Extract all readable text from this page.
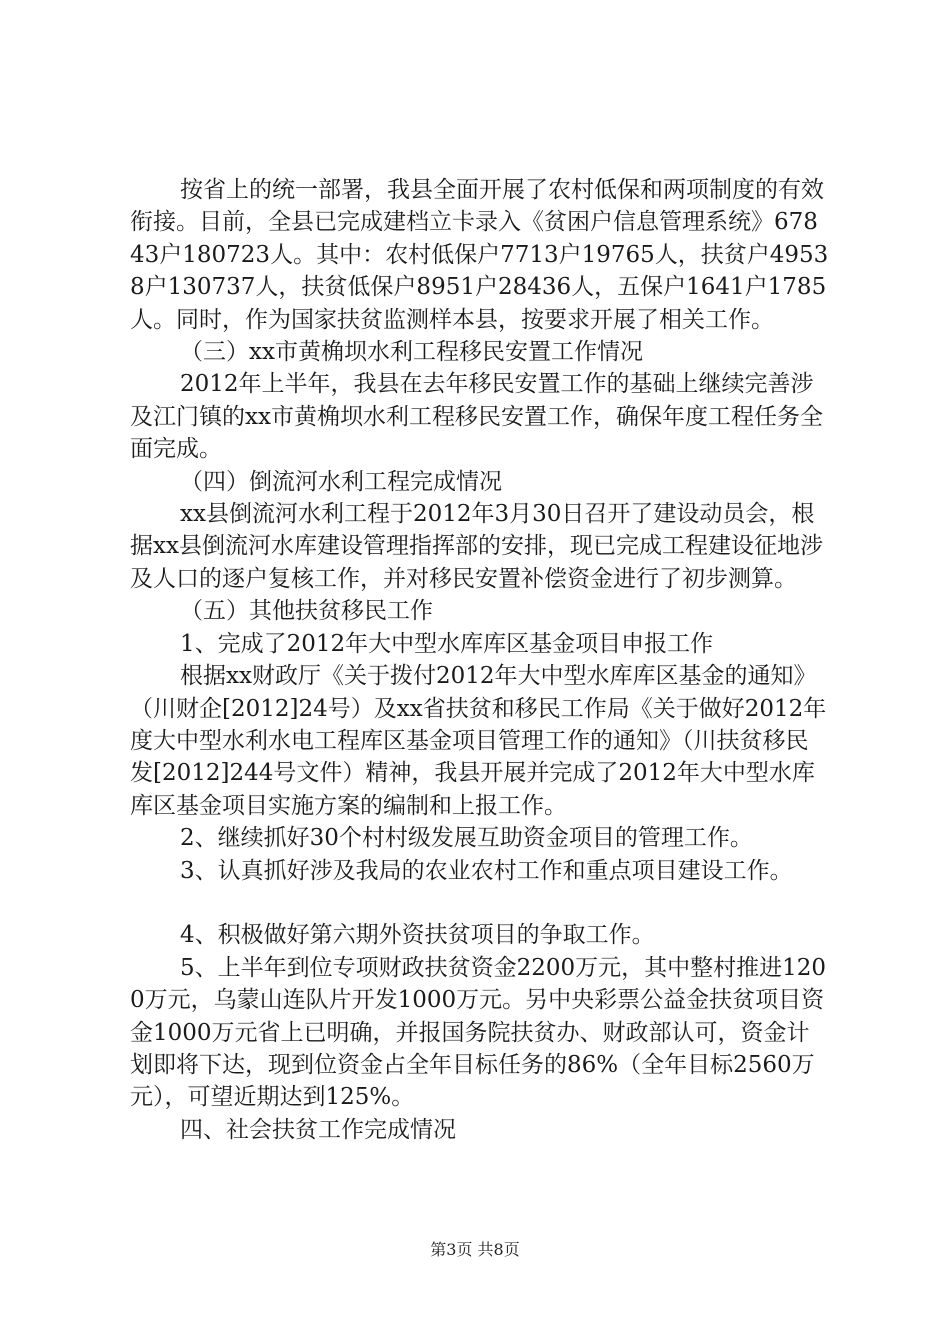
按省上的统一部署，我县全面开展了农村低保和两项制度的有效衔接。目前，全县已完成建档立卡录入《贫困户信息管理系统》67843户180723人。其中：农村低保户7713户19765人，扶贫户49538户130737人，扶贫低保户8951户28436人，五保户1641户1785人。同时，作为国家扶贫监测样本县，按要求开展了相关工作。

（三）xx市黄桷坝水利工程移民安置工作情况

2012年上半年，我县在去年移民安置工作的基础上继续完善涉及江门镇的xx市黄桷坝水利工程移民安置工作，确保年度工程任务全面完成。

（四）倒流河水利工程完成情况

xx县倒流河水利工程于2012年3月30日召开了建设动员会，根据xx县倒流河水库建设管理指挥部的安排，现已完成工程建设征地涉及人口的逐户复核工作，并对移民安置补偿资金进行了初步测算。

（五）其他扶贫移民工作

1、完成了2012年大中型水库库区基金项目申报工作

根据xx财政厅《关于拨付2012年大中型水库库区基金的通知》（川财企[2012]24号）及xx省扶贫和移民工作局《关于做好2012年度大中型水利水电工程库区基金项目管理工作的通知》（川扶贫移民发[2012]244号文件）精神，我县开展并完成了2012年大中型水库库区基金项目实施方案的编制和上报工作。

2、继续抓好30个村村级发展互助资金项目的管理工作。

3、认真抓好涉及我局的农业农村工作和重点项目建设工作。

4、积极做好第六期外资扶贫项目的争取工作。

5、上半年到位专项财政扶贫资金2200万元，其中整村推进1200万元，乌蒙山连队片开发1000万元。另中央彩票公益金扶贫项目资金1000万元省上已明确，并报国务院扶贫办、财政部认可，资金计划即将下达，现到位资金占全年目标任务的86%（全年目标2560万元），可望近期达到125%。

四、社会扶贫工作完成情况

第3页 共8页
